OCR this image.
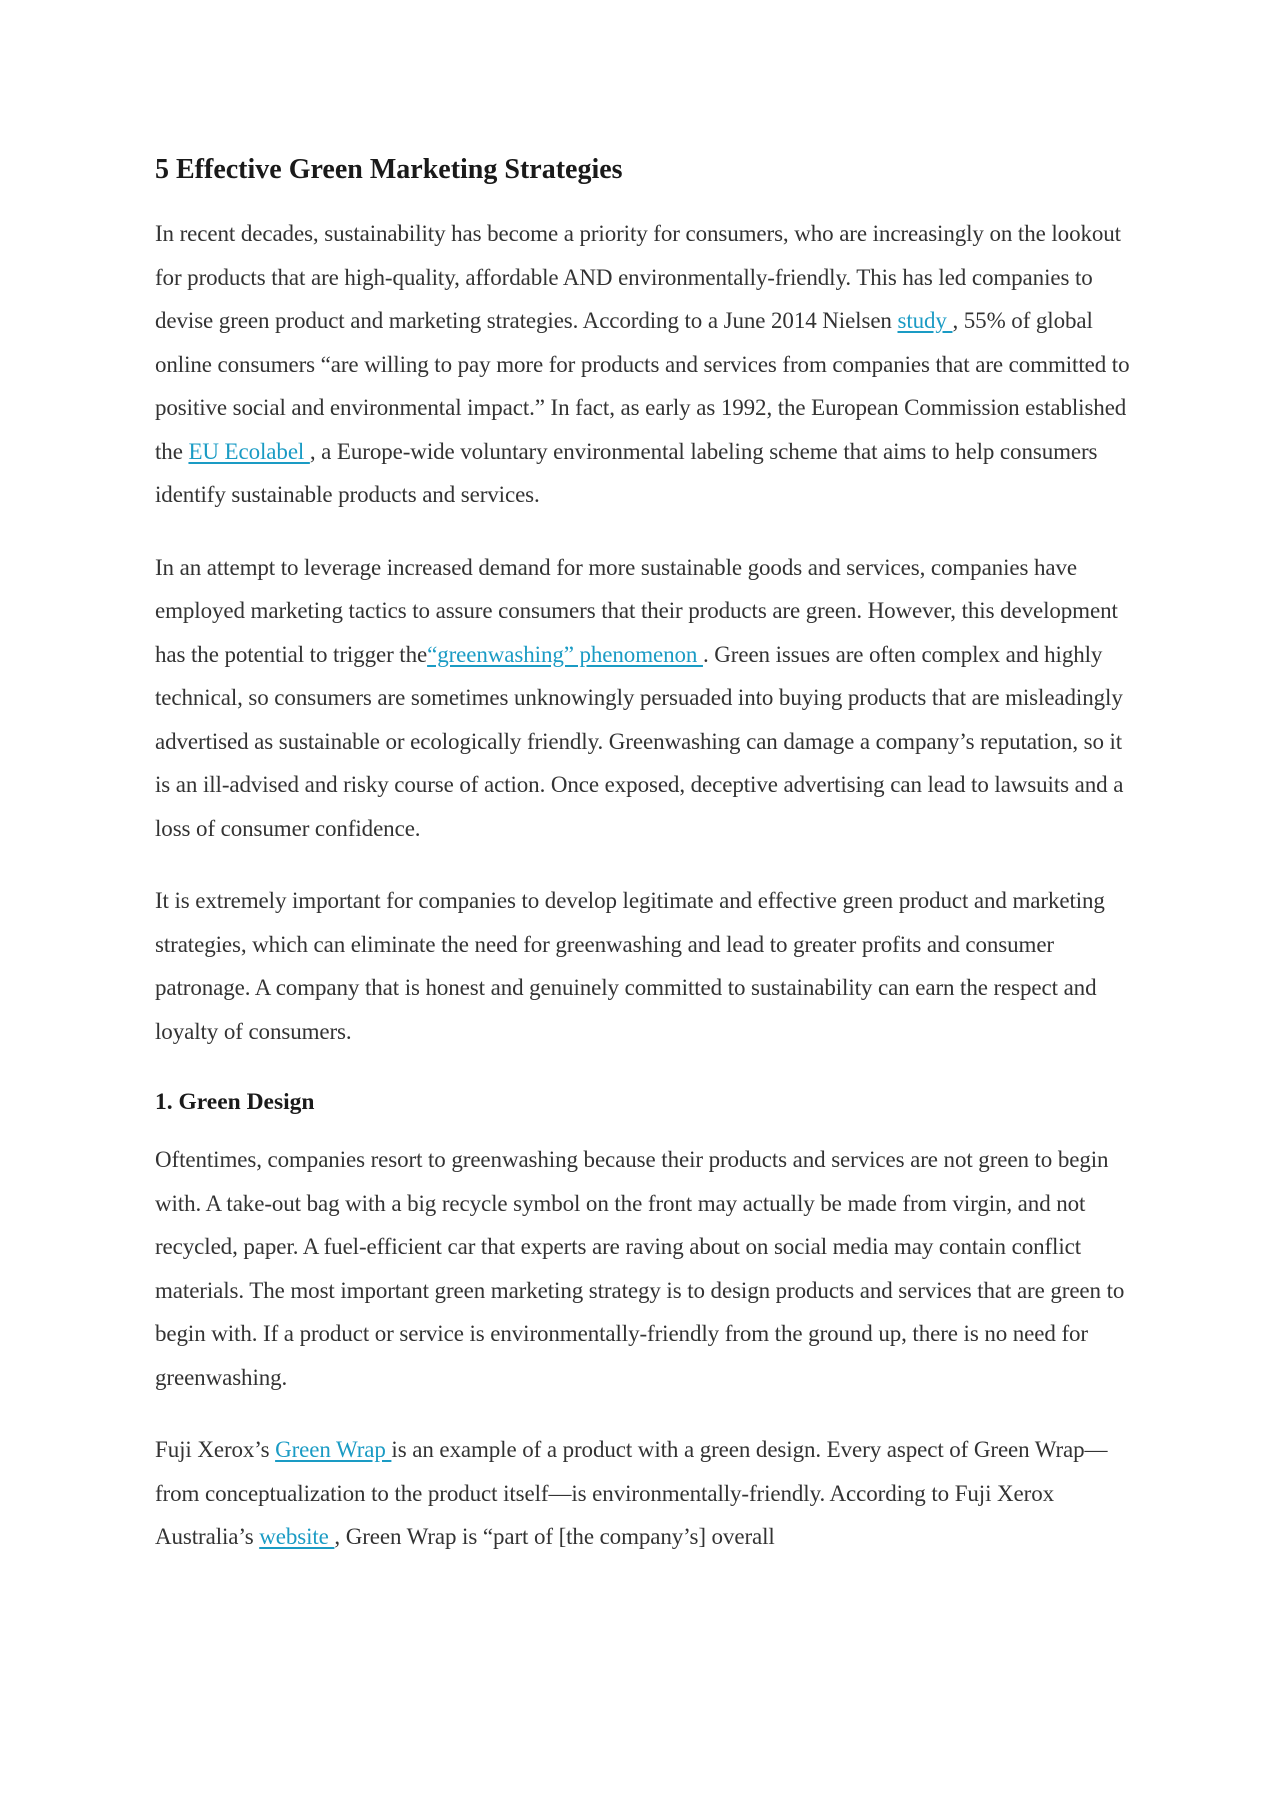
5 Effective Green Marketing Strategies

In recent decades, sustainability has become a priority for consumers, who are increasingly on the lookout for products that are high-quality, affordable AND environmentally-friendly. This has led companies to devise green product and marketing strategies. According to a June 2014 Nielsen study , 55% of global online consumers “are willing to pay more for products and services from companies that are committed to positive social and environmental impact.” In fact, as early as 1992, the European Commission established the EU Ecolabel , a Europe-wide voluntary environmental labeling scheme that aims to help consumers identify sustainable products and services.

In an attempt to leverage increased demand for more sustainable goods and services, companies have employed marketing tactics to assure consumers that their products are green. However, this development has the potential to trigger the“greenwashing” phenomenon . Green issues are often complex and highly technical, so consumers are sometimes unknowingly persuaded into buying products that are misleadingly advertised as sustainable or ecologically friendly. Greenwashing can damage a company’s reputation, so it is an ill-advised and risky course of action. Once exposed, deceptive advertising can lead to lawsuits and a loss of consumer confidence.

It is extremely important for companies to develop legitimate and effective green product and marketing strategies, which can eliminate the need for greenwashing and lead to greater profits and consumer patronage. A company that is honest and genuinely committed to sustainability can earn the respect and loyalty of consumers.

1. Green Design

Oftentimes, companies resort to greenwashing because their products and services are not green to begin with. A take-out bag with a big recycle symbol on the front may actually be made from virgin, and not recycled, paper. A fuel-efficient car that experts are raving about on social media may contain conflict materials. The most important green marketing strategy is to design products and services that are green to begin with. If a product or service is environmentally-friendly from the ground up, there is no need for greenwashing.

Fuji Xerox’s Green Wrap is an example of a product with a green design. Every aspect of Green Wrap—from conceptualization to the product itself—is environmentally-friendly. According to Fuji Xerox Australia’s website , Green Wrap is “part of [the company’s] overall
